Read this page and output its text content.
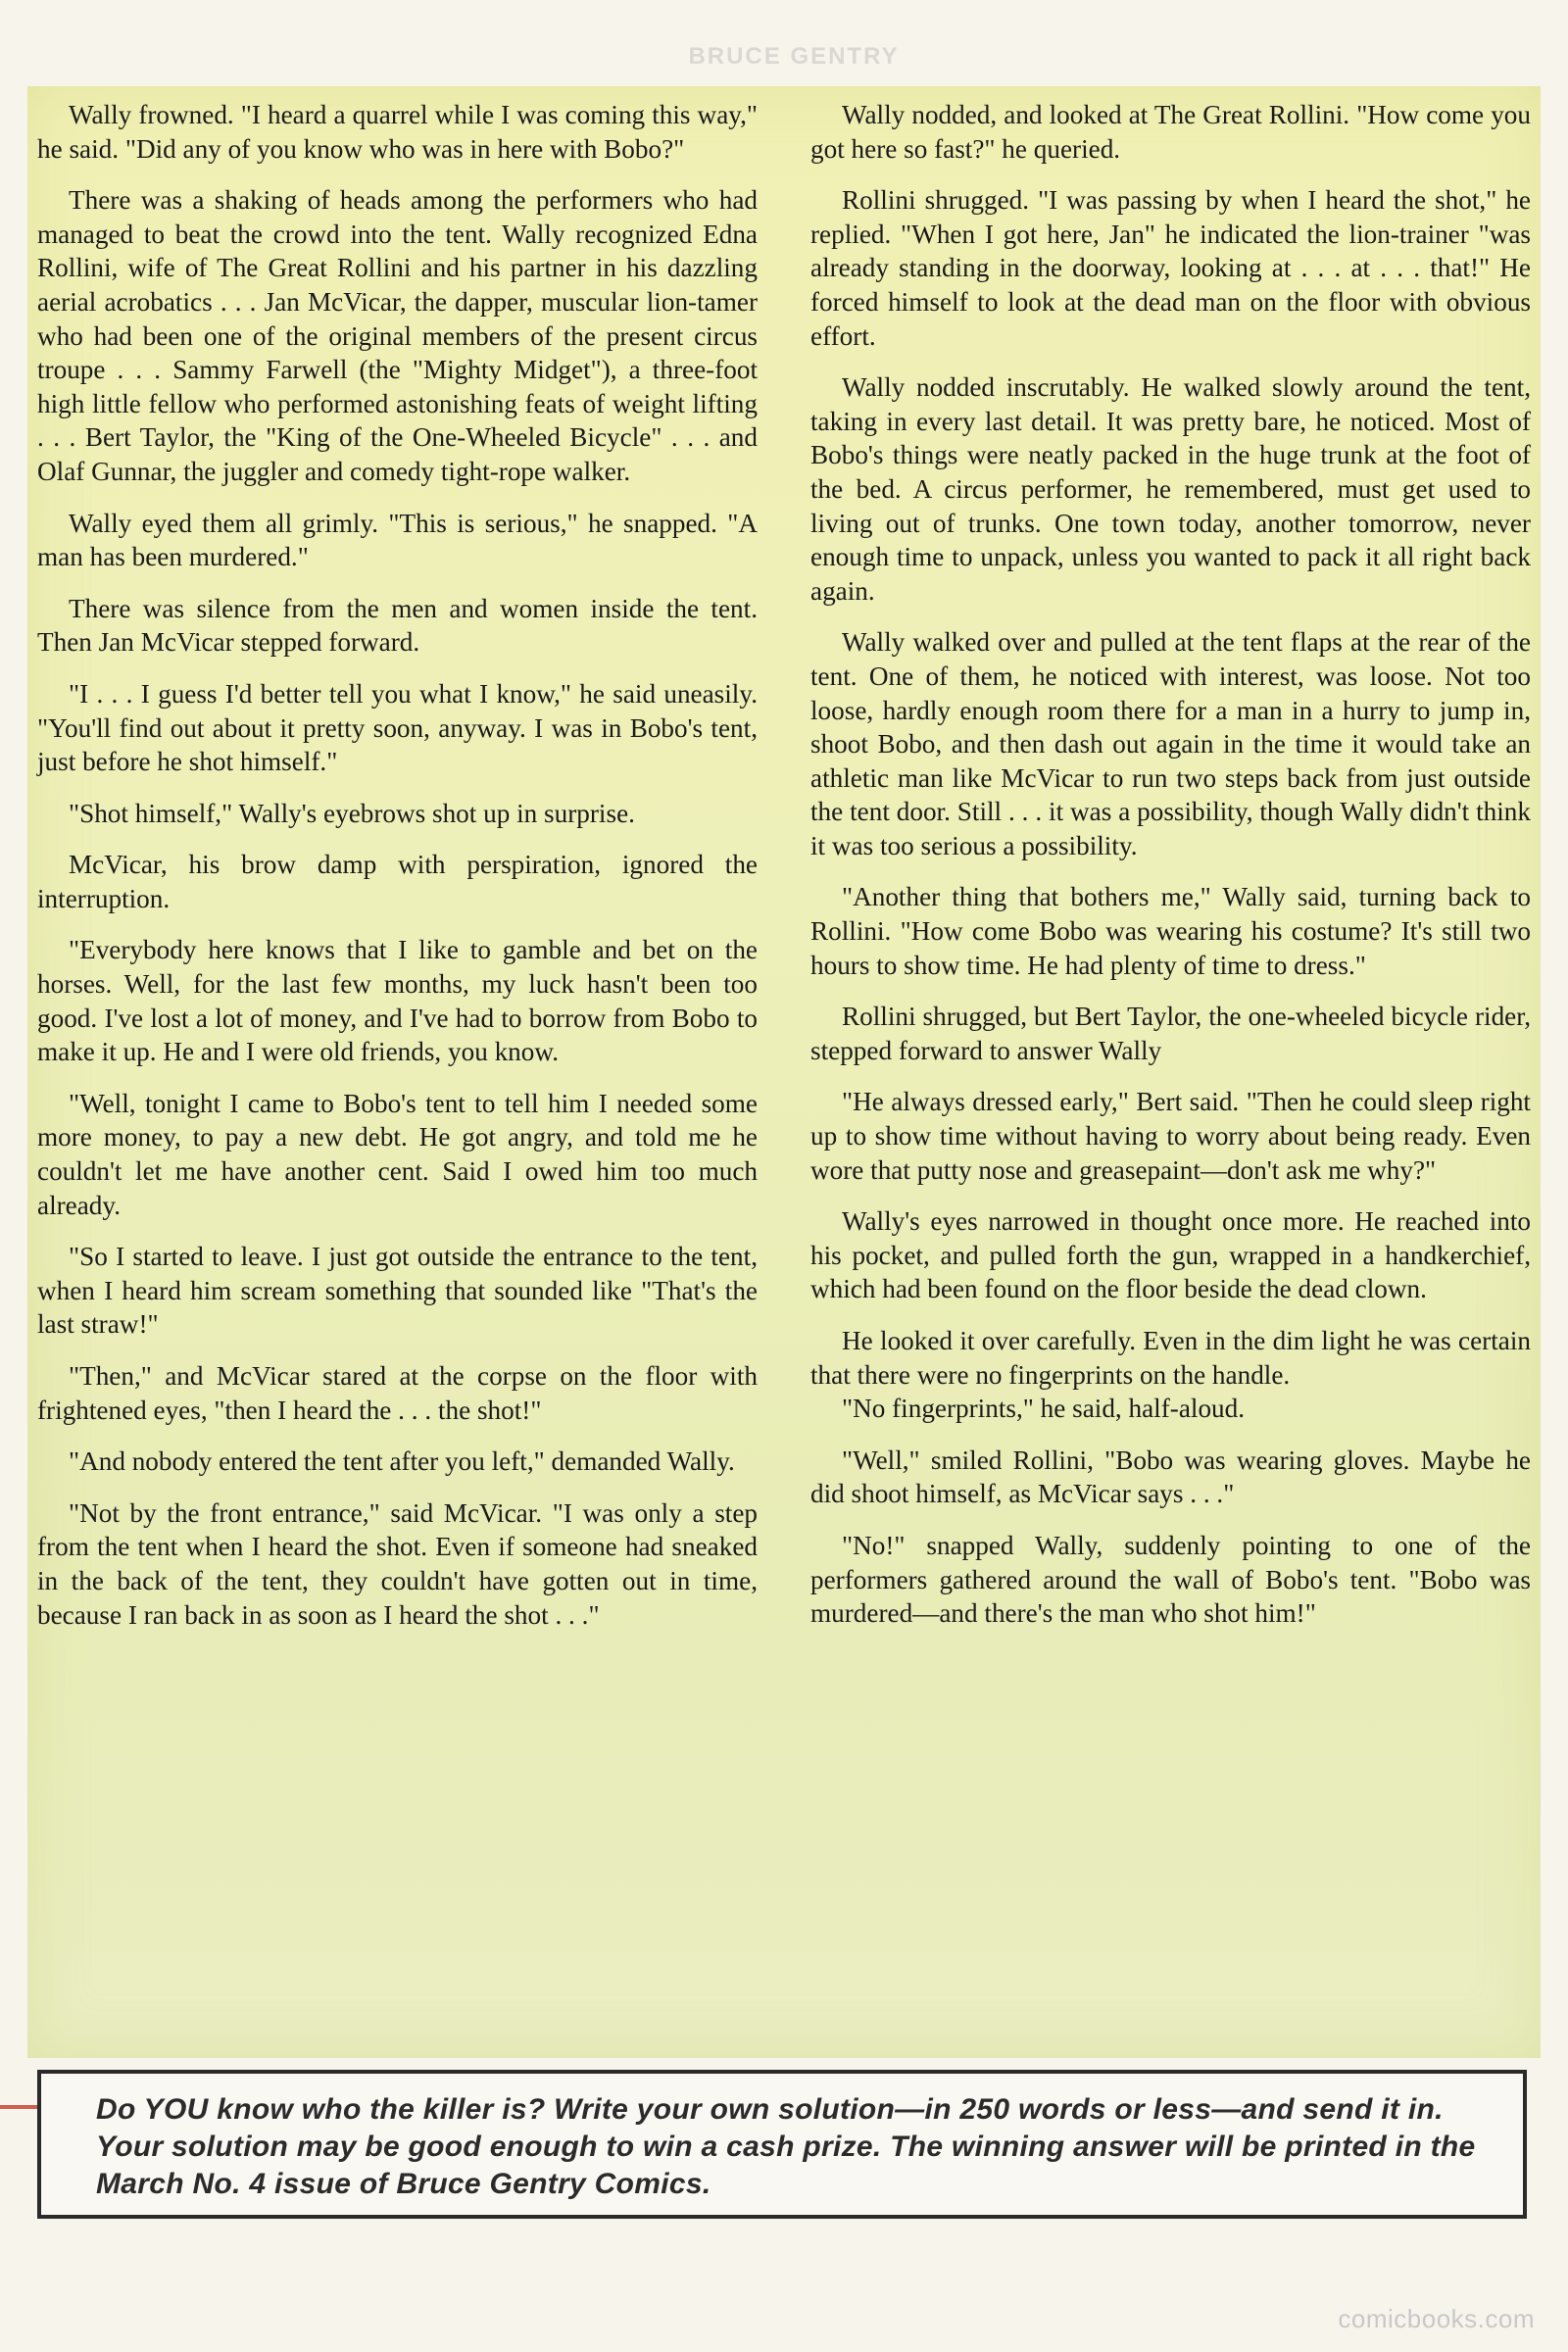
BRUCE GENTRY

Wally frowned. "I heard a quarrel while I was coming this way," he said. "Did any of you know who was in here with Bobo?"

There was a shaking of heads among the performers who had managed to beat the crowd into the tent. Wally recognized Edna Rollini, wife of The Great Rollini and his partner in his dazzling aerial acrobatics . . . Jan McVicar, the dapper, muscular lion-tamer who had been one of the original members of the present circus troupe . . . Sammy Farwell (the "Mighty Midget"), a three-foot high little fellow who performed astonishing feats of weight lifting . . . Bert Taylor, the "King of the One-Wheeled Bicycle" . . . and Olaf Gunnar, the juggler and comedy tight-rope walker.

Wally eyed them all grimly. "This is serious," he snapped. "A man has been murdered."

There was silence from the men and women inside the tent. Then Jan McVicar stepped forward.

"I . . . I guess I'd better tell you what I know," he said uneasily. "You'll find out about it pretty soon, anyway. I was in Bobo's tent, just before he shot himself."

"Shot himself," Wally's eyebrows shot up in surprise.

McVicar, his brow damp with perspiration, ignored the interruption.

"Everybody here knows that I like to gamble and bet on the horses. Well, for the last few months, my luck hasn't been too good. I've lost a lot of money, and I've had to borrow from Bobo to make it up. He and I were old friends, you know.

"Well, tonight I came to Bobo's tent to tell him I needed some more money, to pay a new debt. He got angry, and told me he couldn't let me have another cent. Said I owed him too much already.

"So I started to leave. I just got outside the entrance to the tent, when I heard him scream something that sounded like "That's the last straw!"

"Then," and McVicar stared at the corpse on the floor with frightened eyes, "then I heard the . . . the shot!"

"And nobody entered the tent after you left," demanded Wally.

"Not by the front entrance," said McVicar. "I was only a step from the tent when I heard the shot. Even if someone had sneaked in the back of the tent, they couldn't have gotten out in time, because I ran back in as soon as I heard the shot . . ."

Wally nodded, and looked at The Great Rollini. "How come you got here so fast?" he queried.

Rollini shrugged. "I was passing by when I heard the shot," he replied. "When I got here, Jan" he indicated the lion-trainer "was already standing in the doorway, looking at . . . at . . . that!" He forced himself to look at the dead man on the floor with obvious effort.

Wally nodded inscrutably. He walked slowly around the tent, taking in every last detail. It was pretty bare, he noticed. Most of Bobo's things were neatly packed in the huge trunk at the foot of the bed. A circus performer, he remembered, must get used to living out of trunks. One town today, another tomorrow, never enough time to unpack, unless you wanted to pack it all right back again.

Wally walked over and pulled at the tent flaps at the rear of the tent. One of them, he noticed with interest, was loose. Not too loose, hardly enough room there for a man in a hurry to jump in, shoot Bobo, and then dash out again in the time it would take an athletic man like McVicar to run two steps back from just outside the tent door. Still . . . it was a possibility, though Wally didn't think it was too serious a possibility.

"Another thing that bothers me," Wally said, turning back to Rollini. "How come Bobo was wearing his costume? It's still two hours to show time. He had plenty of time to dress."

Rollini shrugged, but Bert Taylor, the one-wheeled bicycle rider, stepped forward to answer Wally

"He always dressed early," Bert said. "Then he could sleep right up to show time without having to worry about being ready. Even wore that putty nose and greasepaint—don't ask me why?"

Wally's eyes narrowed in thought once more. He reached into his pocket, and pulled forth the gun, wrapped in a handkerchief, which had been found on the floor beside the dead clown.

He looked it over carefully. Even in the dim light he was certain that there were no fingerprints on the handle.

"No fingerprints," he said, half-aloud.

"Well," smiled Rollini, "Bobo was wearing gloves. Maybe he did shoot himself, as McVicar says . . ."

"No!" snapped Wally, suddenly pointing to one of the performers gathered around the wall of Bobo's tent. "Bobo was murdered—and there's the man who shot him!"

Do YOU know who the killer is? Write your own solution—in 250 words or less—and send it in. Your solution may be good enough to win a cash prize. The winning answer will be printed in the March No. 4 issue of Bruce Gentry Comics.
comicbooks.com
